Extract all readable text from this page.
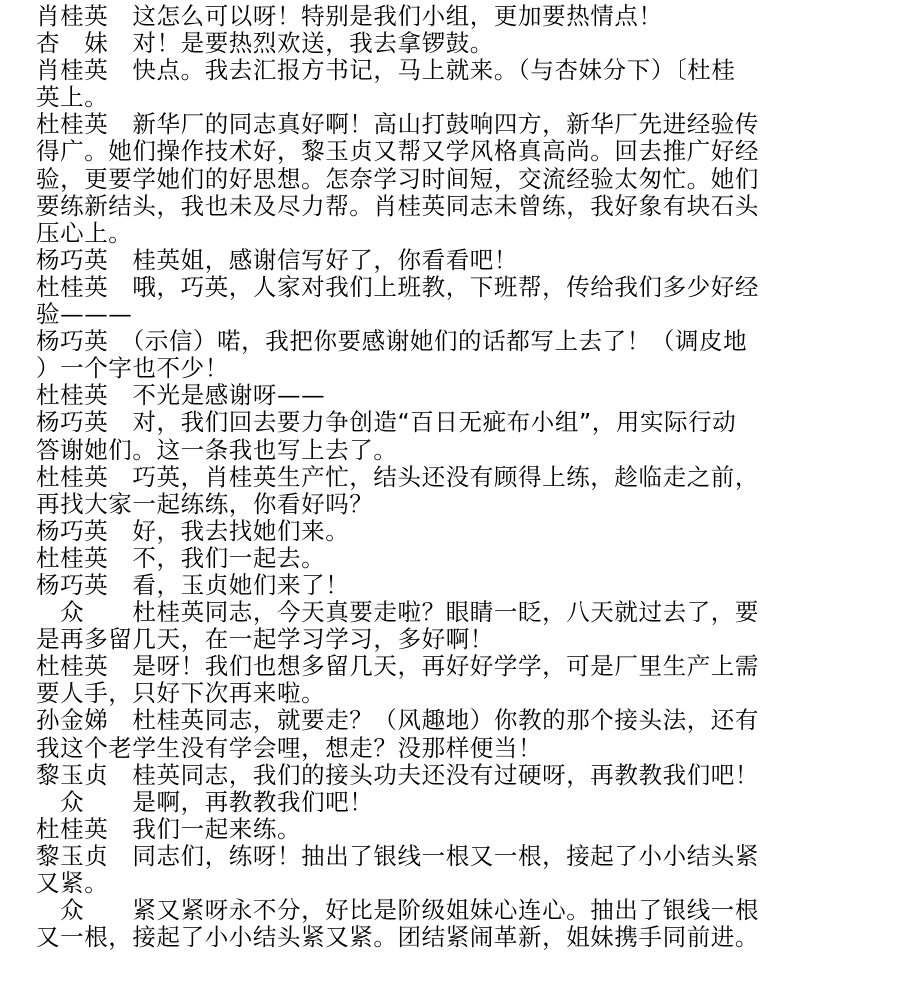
肖桂英　这怎么可以呀！特别是我们小组，更加要热情点！
杏　妹　对！是要热烈欢送，我去拿锣鼓。
肖桂英　快点。我去汇报方书记，马上就来。（与杏妹分下）〔杜桂
英上。
杜桂英　新华厂的同志真好啊！高山打鼓响四方，新华厂先进经验传
得广。她们操作技术好，黎玉贞又帮又学风格真高尚。回去推广好经
验，更要学她们的好思想。怎奈学习时间短，交流经验太匆忙。她们
要练新结头，我也未及尽力帮。肖桂英同志未曾练，我好象有块石头
压心上。
杨巧英　桂英姐，感谢信写好了，你看看吧！
杜桂英　哦，巧英，人家对我们上班教，下班帮，传给我们多少好经
验———
杨巧英　（示信）喏，我把你要感谢她们的话都写上去了！（调皮地
）一个字也不少！
杜桂英　不光是感谢呀——
杨巧英　对，我们回去要力争创造“百日无疵布小组”，用实际行动
答谢她们。这一条我也写上去了。
杜桂英　巧英，肖桂英生产忙，结头还没有顾得上练，趁临走之前，
再找大家一起练练，你看好吗？
杨巧英　好，我去找她们来。
杜桂英　不，我们一起去。
杨巧英　看，玉贞她们来了！
　众　　杜桂英同志，今天真要走啦？眼睛一眨，八天就过去了，要
是再多留几天，在一起学习学习，多好啊！
杜桂英　是呀！我们也想多留几天，再好好学学，可是厂里生产上需
要人手，只好下次再来啦。
孙金娣　杜桂英同志，就要走？（风趣地）你教的那个接头法，还有
我这个老学生没有学会哩，想走？没那样便当！
黎玉贞　桂英同志，我们的接头功夫还没有过硬呀，再教教我们吧！
　众　　是啊，再教教我们吧！
杜桂英　我们一起来练。
黎玉贞　同志们，练呀！抽出了银线一根又一根，接起了小小结头紧
又紧。
　众　　紧又紧呀永不分，好比是阶级姐妹心连心。抽出了银线一根
又一根，接起了小小结头紧又紧。团结紧闹革新，姐妹携手同前进。
